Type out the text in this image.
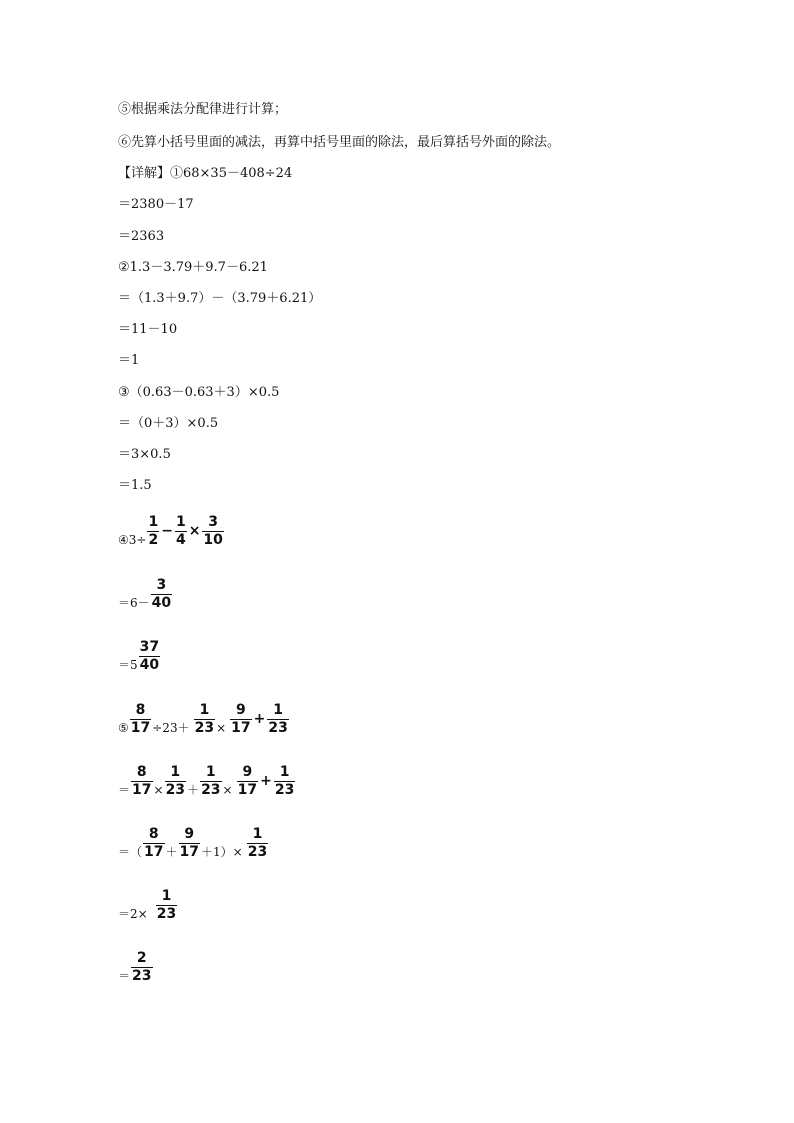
⑤根据乘法分配律进行计算；
⑥先算小括号里面的减法，再算中括号里面的除法，最后算括号外面的除法。
【详解】①68×35－408÷24
＝2380－17
＝2363
②1.3－3.79＋9.7－6.21
＝（1.3＋9.7）－（3.79＋6.21）
＝11－10
＝1
③（0.63－0.63＋3）×0.5
＝（0＋3）×0.5
＝3×0.5
＝1.5
④3÷ $\frac{1}{2} - \frac{1}{4} \times \frac{3}{10}$
$=6- \frac{3}{40}$
$=5 \frac{37}{40}$
⑤ $\frac{8}{17} \div 23+ \frac{1}{23} \times \frac{9}{17} + \frac{1}{23}$
＝ $\frac{8}{17} \times \frac{1}{23} + \frac{1}{23} \times \frac{9}{17} + \frac{1}{23}$
＝（ $\frac{8}{17} + \frac{9}{17} +1)\times \frac{1}{23}$
$=2\times \frac{1}{23}$
＝ $\frac{2}{23}$
